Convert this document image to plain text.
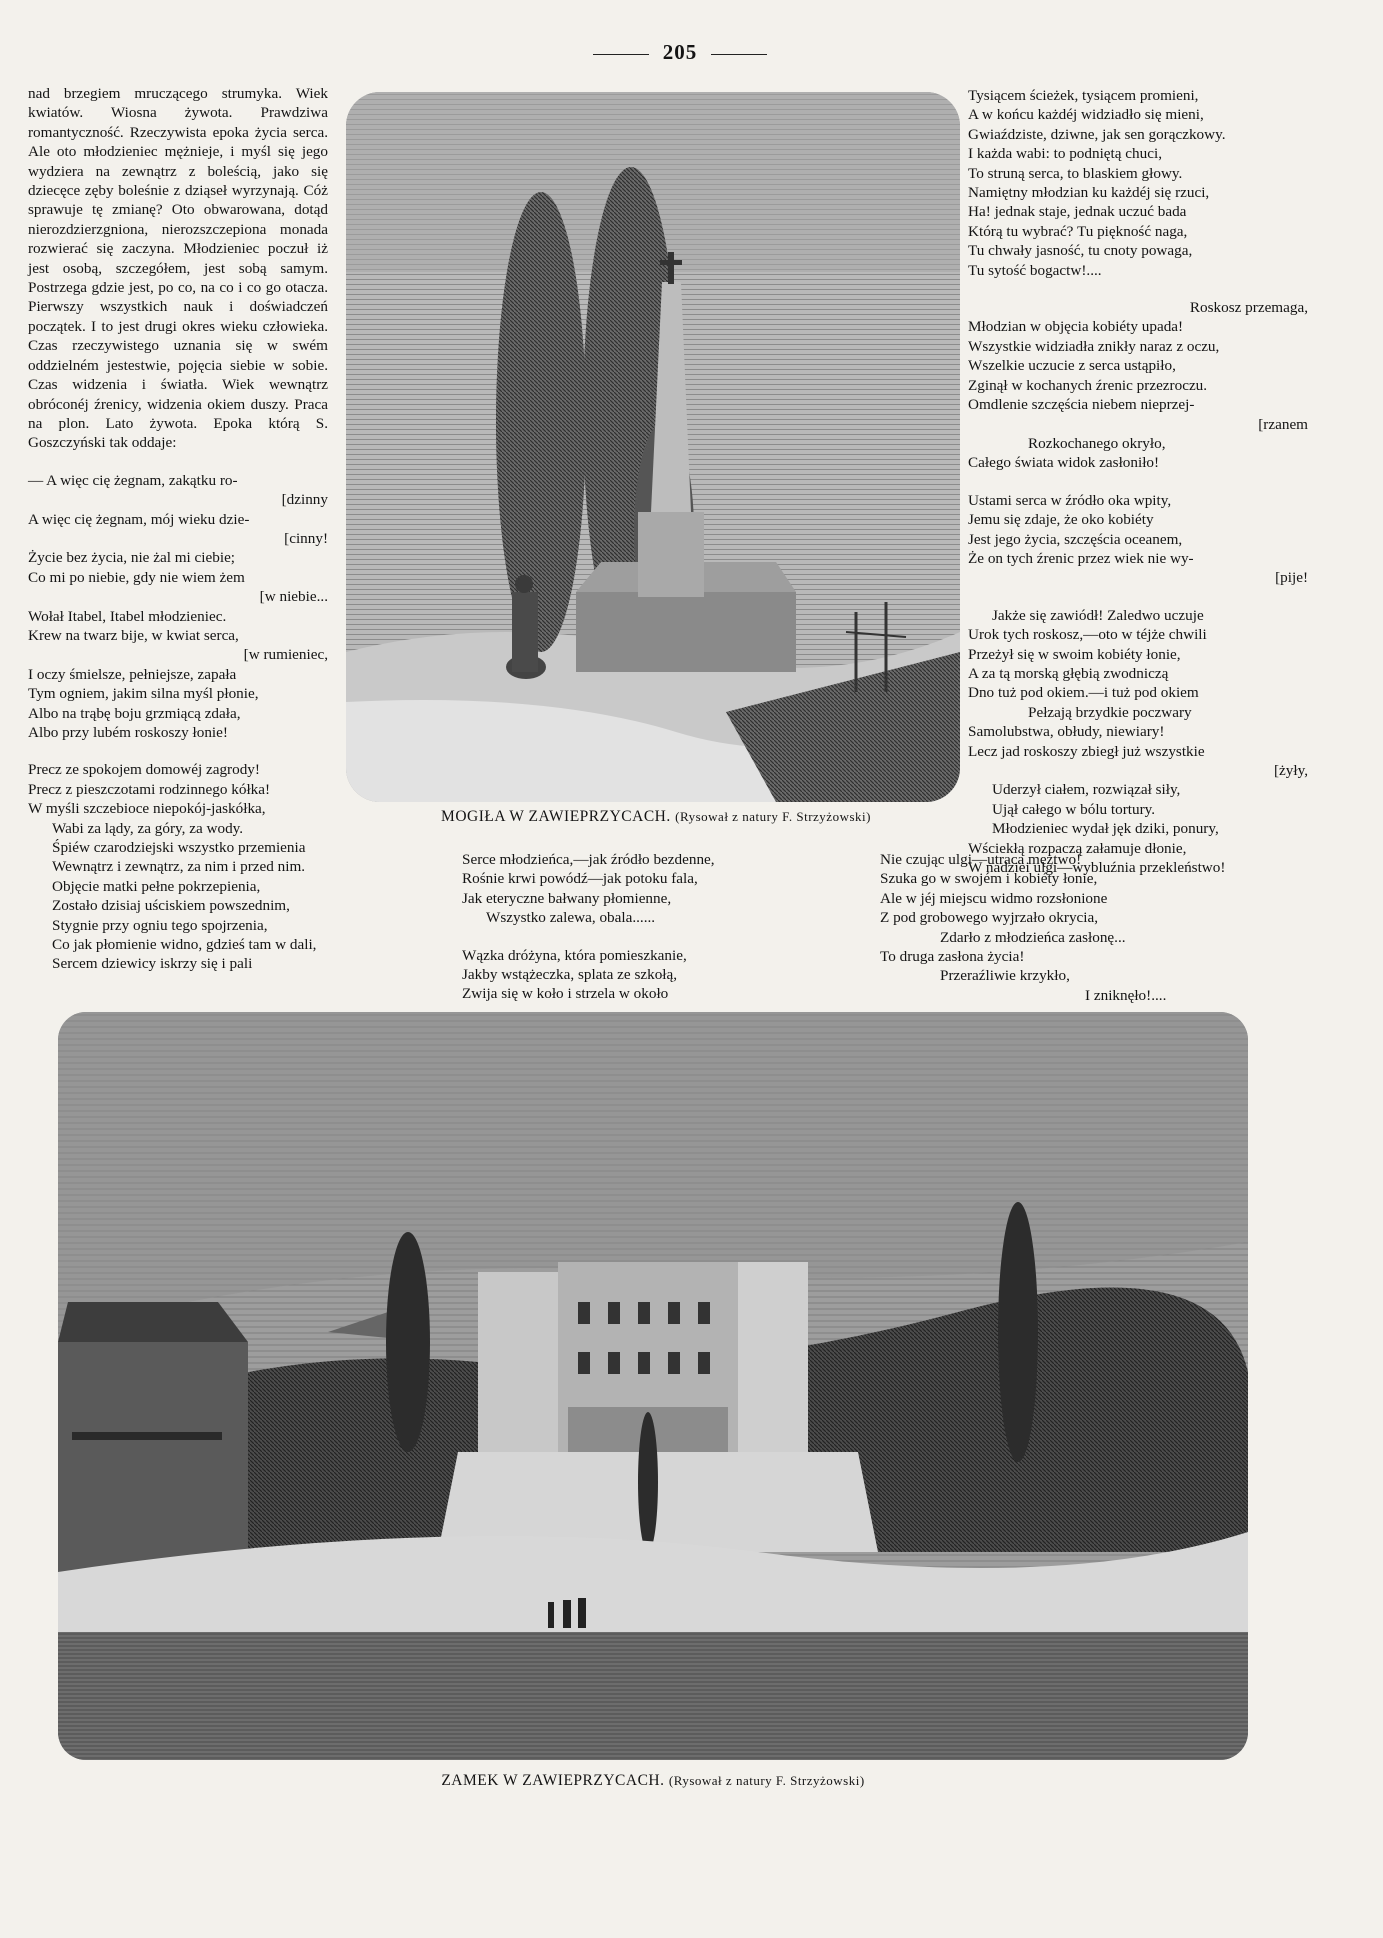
205

nad brzegiem mruczącego strumyka. Wiek kwiatów. Wiosna żywota. Prawdziwa romantyczność. Rzeczywista epoka życia serca. Ale oto młodzieniec mężnieje, i myśl się jego wydziera na zewnątrz z boleścią, jako się dziecęce zęby boleśnie z dziąseł wyrzynają. Cóż sprawuje tę zmianę? Oto obwarowana, dotąd nierozdzierzgniona, nierozszczepiona monada rozwierać się zaczyna. Młodzieniec poczuł iż jest osobą, szczegółem, jest sobą samym. Postrzega gdzie jest, po co, na co i co go otacza. Pierwszy wszystkich nauk i doświadczeń początek. I to jest drugi okres wieku człowieka. Czas rzeczywistego uznania się w swém oddzielném jestestwie, pojęcia siebie w sobie. Czas widzenia i światła. Wiek wewnątrz obróconéj źrenicy, widzenia okiem duszy. Praca na plon. Lato żywota. Epoka którą S. Goszczyński tak oddaje:

— A więc cię żegnam, zakątku ro-
[dzinny
A więc cię żegnam, mój wieku dzie-
[cinny!
Życie bez życia, nie żal mi ciebie;
Co mi po niebie, gdy nie wiem żem
[w niebie...
Wołał Itabel, Itabel młodzieniec.
Krew na twarz bije, w kwiat serca,
[w rumieniec,
I oczy śmielsze, pełniejsze, zapała
Tym ogniem, jakim silna myśl płonie,
Albo na trąbę boju grzmiącą zdała,
Albo przy lubém roskoszy łonie!
Precz ze spokojem domowéj zagrody!
Precz z pieszczotami rodzinnego kółka!
W myśli szczebioce niepokój-jaskółka,
Wabi za lądy, za góry, za wody.
Śpiéw czarodziejski wszystko przemienia
Wewnątrz i zewnątrz, za nim i przed nim.
Objęcie matki pełne pokrzepienia,
Zostało dzisiaj uściskiem powszednim,
Stygnie przy ogniu tego spojrzenia,
Co jak płomienie widno, gdzieś tam w dali,
Sercem dziewicy iskrzy się i pali
Tysiącem ścieżek, tysiącem promieni,
A w końcu każdéj widziadło się mieni,
Gwiaździste, dziwne, jak sen gorączkowy.
I każda wabi: to podniętą chuci,
To struną serca, to blaskiem głowy.
Namiętny młodzian ku każdéj się rzuci,
Ha! jednak staje, jednak uczuć bada
Którą tu wybrać? Tu piękność naga,
Tu chwały jasność, tu cnoty powaga,
Tu sytość bogactw!....
Roskosz przemaga,
Młodzian w objęcia kobiéty upada!
Wszystkie widziadła znikły naraz z oczu,
Wszelkie uczucie z serca ustąpiło,
Zginął w kochanych źrenic przezroczu.
Omdlenie szczęścia niebem nieprzej-
[rzanem
Rozkochanego okryło,
Całego świata widok zasłoniło!
Ustami serca w źródło oka wpity,
Jemu się zdaje, że oko kobiéty
Jest jego życia, szczęścia oceanem,
Że on tych źrenic przez wiek nie wy-
[pije!
Jakże się zawiódł! Zaledwo uczuje
Urok tych roskosz,—oto w téjże chwili
Przeżył się w swoim kobiéty łonie,
A za tą morską głębią zwodniczą
Dno tuż pod okiem.—i tuż pod okiem
Pełzają brzydkie poczwary
Samolubstwa, obłudy, niewiary!
Lecz jad roskoszy zbiegł już wszystkie
[żyły,
Uderzył ciałem, rozwiązał siły,
Ujął całego w bólu tortury.
Młodzieniec wydał jęk dziki, ponury,
Wściekłą rozpaczą załamuje dłonie,
W nadziei ulgi—wybluźnia przekleństwo!
MOGIŁA W ZAWIEPRZYCACH. (Rysował z natury F. Strzyżowski)
Serce młodzieńca,—jak źródło bezdenne,
Rośnie krwi powódź—jak potoku fala,
Jak eteryczne bałwany płomienne,
Wszystko zalewa, obala......
Wązka dróżyna, która pomieszkanie,
Jakby wstążeczka, splata ze szkołą,
Zwija się w koło i strzela w około
Nie czując ulgi—utraca męztwo!
Szuka go w swojém i kobiéty łonie,
Ale w jéj miejscu widmo rozsłonione
Z pod grobowego wyjrzało okrycia,
Zdarło z młodzieńca zasłonę...
To druga zasłona życia!
Przeraźliwie krzykło,
I zniknęło!....
ZAMEK W ZAWIEPRZYCACH. (Rysował z natury F. Strzyżowski)
